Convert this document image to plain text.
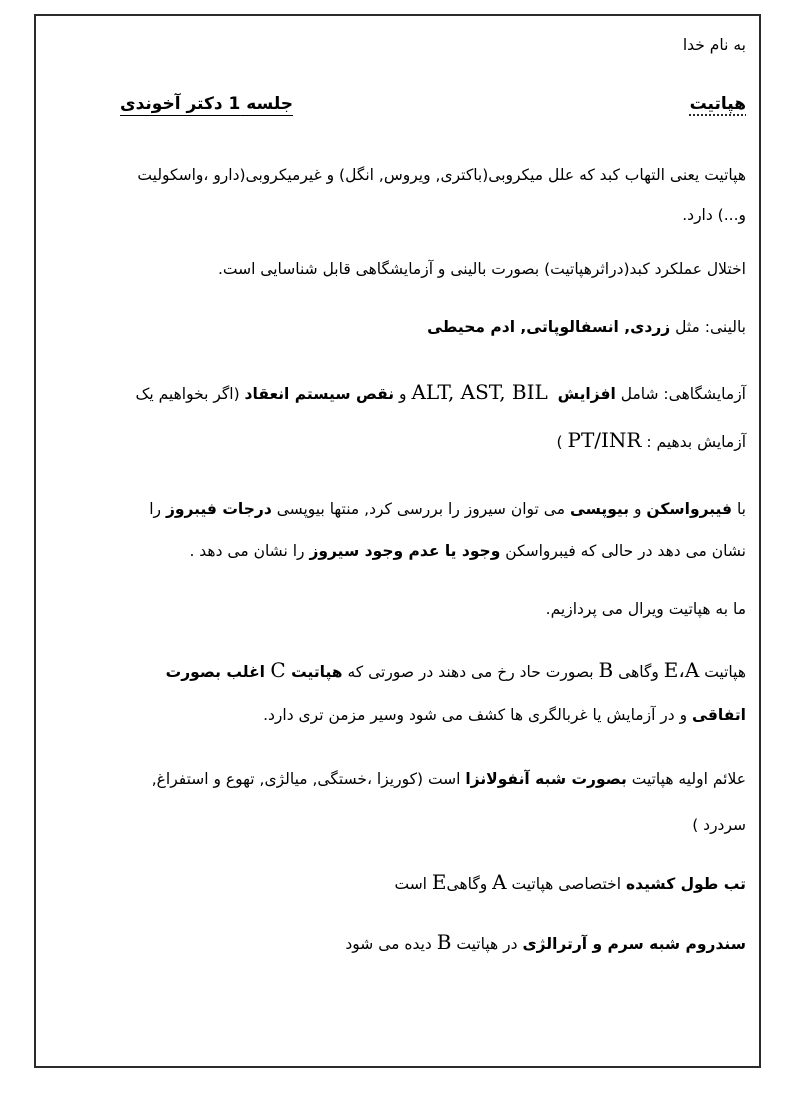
به نام خدا
هپاتیت
جلسه 1 دکتر آخوندی
هپاتیت یعنی التهاب کبد که علل میکروبی(باکتری, ویروس, انگل) و غیرمیکروبی(دارو ،واسکولیت
و...) دارد.
اختلال عملکرد کبد(دراثرهپاتیت) بصورت بالینی و آزمایشگاهی قابل شناسایی است.
بالینی: مثل زردی, انسفالوپاتی, ادم محیطی
آزمایشگاهی: شامل افزایش  ALT, AST, BIL و نقص سیستم انعقاد (اگر بخواهیم یک
آزمایش بدهیم : PT/INR )
با فیبرواسکن و بیوپسی می توان سیروز را بررسی کرد, منتها بیوپسی درجات فیبروز را
نشان می دهد در حالی که فیبرواسکن وجود یا عدم وجود سیروز را نشان می دهد .
ما به هپاتیت ویرال می پردازیم.
هپاتیت E،A وگاهی B بصورت حاد رخ می دهند در صورتی که هپاتیت C اغلب بصورت
اتفاقی و در آزمایش یا غربالگری ها کشف می شود وسیر مزمن تری دارد.
علائم اولیه هپاتیت بصورت شبه آنفولانزا است (کوریزا ،خستگی, میالژی, تهوع و استفراغ,
سردرد )
تب طول کشیده اختصاصی هپاتیت A وگاهیE است
سندروم شبه سرم و آرترالژی در هپاتیت B دیده می شود
